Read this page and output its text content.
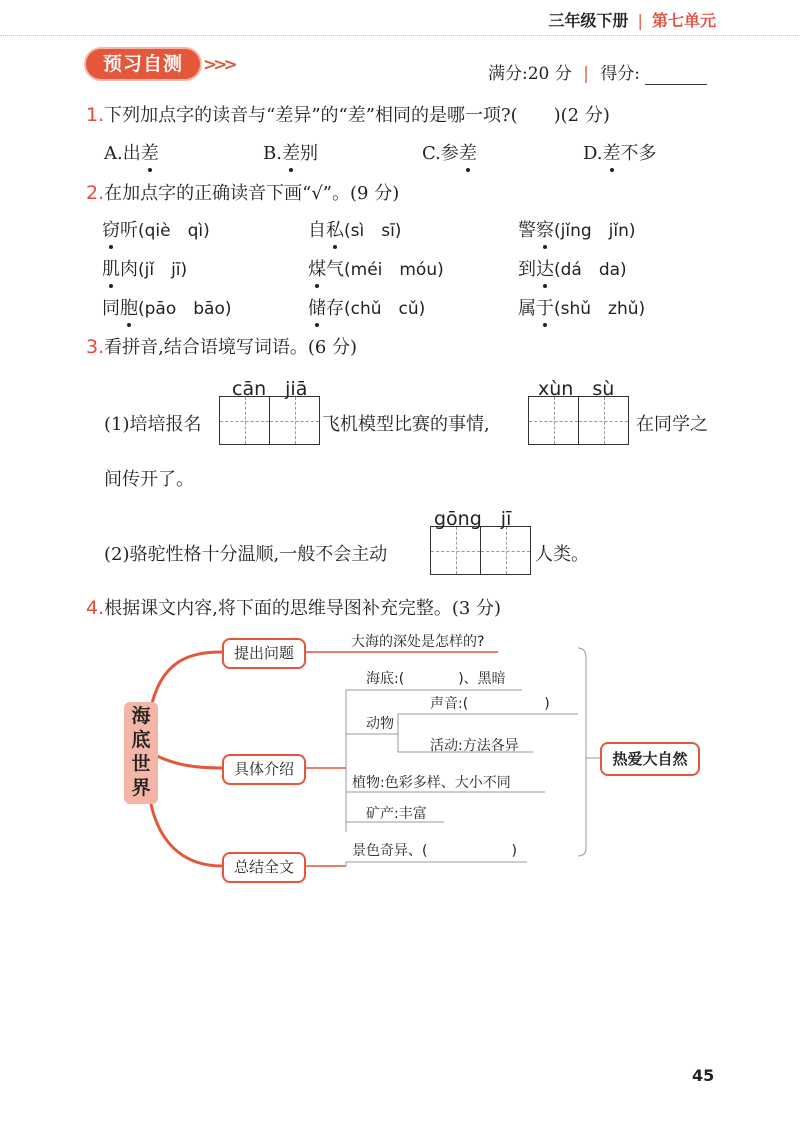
三年级下册 | 第七单元
预习自测	>>>	满分:20 分 | 得分:
1.下列加点字的读音与“差异”的“差”相同的是哪一项?(　　)(2 分)
A.出差	B.差别	C.参差	D.差不多
2.在加点字的正确读音下画“√”。(9 分)
窃听(qiè　qì)	自私(sì　sī)	警察(jǐng　jǐn)
肌肉(jǐ　jī)	煤气(méi　móu)	到达(dá　da)
同胞(pāo　bāo)	储存(chǔ　cǔ)	属于(shǔ　zhǔ)
3.看拼音,结合语境写词语。(6 分)
cān　jiā
(1)培培报名	飞机模型比赛的事情,
xùn　sù
在同学之
间传开了。
gōng　jī
(2)骆驼性格十分温顺,一般不会主动	人类。
4.根据课文内容,将下面的思维导图补充完整。(3 分)
海底世界
提出问题
具体介绍
总结全文
热爱大自然
大海的深处是怎样的?
海底:(	)、黑暗
动物
声音:(	)
活动:方法各异
植物:色彩多样、大小不同
矿产:丰富
景色奇异、(	)
45
